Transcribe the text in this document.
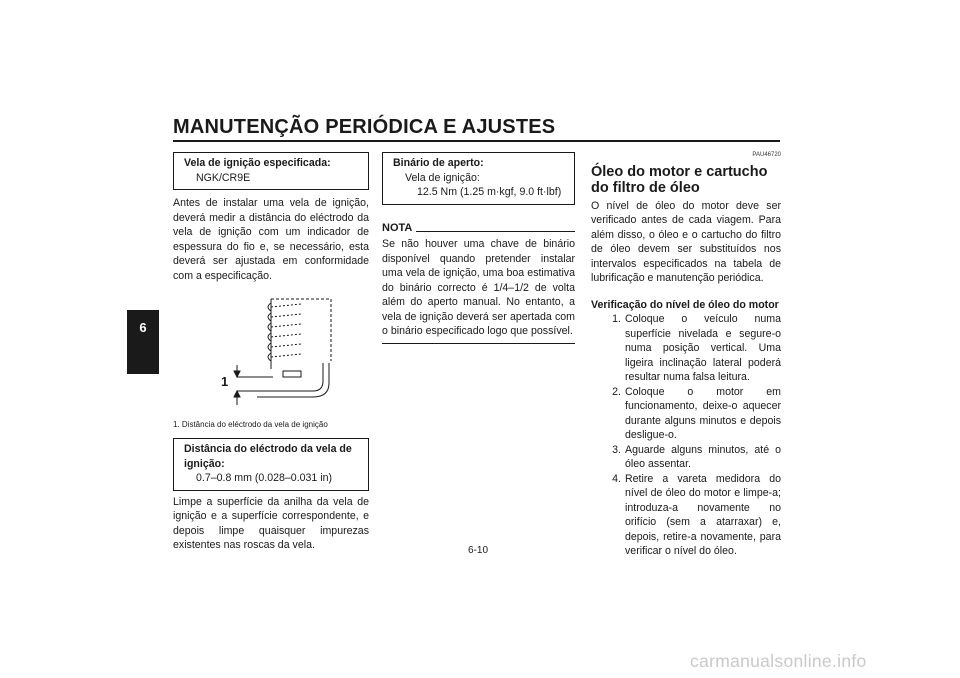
MANUTENÇÃO PERIÓDICA E AJUSTES
6
Vela de ignição especificada:
NGK/CR9E
Antes de instalar uma vela de ignição, deverá medir a distância do eléctrodo da vela de ignição com um indicador de espessura do fio e, se necessário, esta deverá ser ajustada em conformidade com a especificação.
1
1. Distância do eléctrodo da vela de ignição
Distância do eléctrodo da vela de ignição:
0.7–0.8 mm (0.028–0.031 in)
Limpe a superfície da anilha da vela de ignição e a superfície correspondente, e depois limpe quaisquer impurezas existentes nas roscas da vela.
Binário de aperto:
Vela de ignição:
12.5 Nm (1.25 m·kgf, 9.0 ft·lbf)
NOTA
Se não houver uma chave de binário disponível quando pretender instalar uma vela de ignição, uma boa estimativa do binário correcto é 1/4–1/2 de volta além do aperto manual. No entanto, a vela de ignição deverá ser apertada com o binário especificado logo que possível.
PAU46720
Óleo do motor e cartucho do filtro de óleo
O nível de óleo do motor deve ser verificado antes de cada viagem. Para além disso, o óleo e o cartucho do filtro de óleo devem ser substituídos nos intervalos especificados na tabela de lubrificação e manutenção periódica.
Verificação do nível de óleo do motor
1. Coloque o veículo numa superfície nivelada e segure-o numa posição vertical. Uma ligeira inclinação lateral poderá resultar numa falsa leitura.
2. Coloque o motor em funcionamento, deixe-o aquecer durante alguns minutos e depois desligue-o.
3. Aguarde alguns minutos, até o óleo assentar.
4. Retire a vareta medidora do nível de óleo do motor e limpe-a; introduza-a novamente no orifício (sem a atarraxar) e, depois, retire-a novamente, para verificar o nível do óleo.
6-10
carmanualsonline.info
